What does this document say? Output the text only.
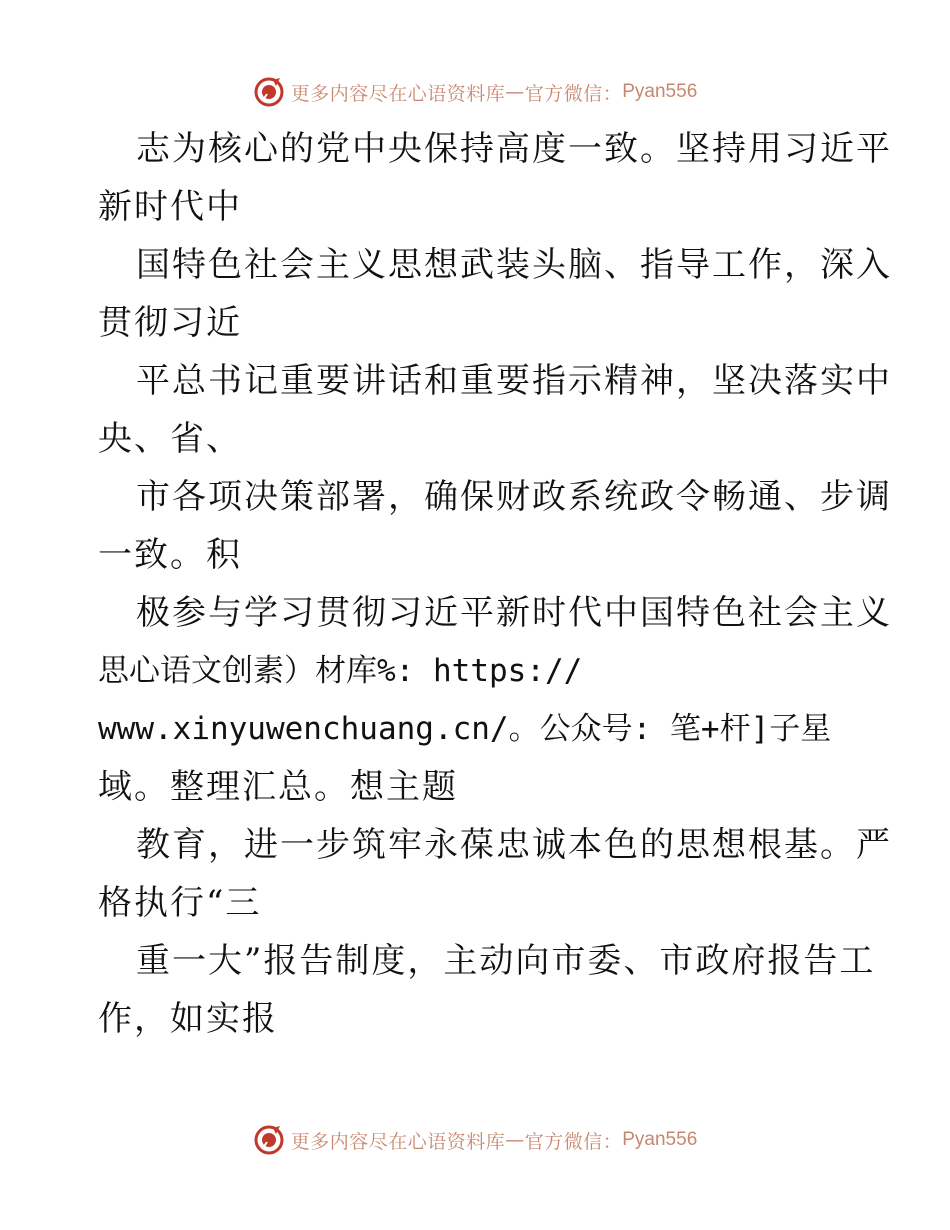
更多内容尽在心语资料库 — 官方微信： Pyan556
志为核心的党中央保持高度一致。坚持用习近平
新时代中
国特色社会主义思想武装头脑、指导工作，深入
贯彻习近
平总书记重要讲话和重要指示精神，坚决落实中
央、省、
市各项决策部署，确保财政系统政令畅通、步调
一致。积
极参与学习贯彻习近平新时代中国特色社会主义
思心语文创素）材库%: https://
www.xinyuwenchuang.cn/。公众号: 笔+杆]子星
域。整理汇总。想主题
教育，进一步筑牢永葆忠诚本色的思想根基。严
格执行“三
重一大”报告制度，主动向市委、市政府报告工
作，如实报
更多内容尽在心语资料库 — 官方微信： Pyan556
